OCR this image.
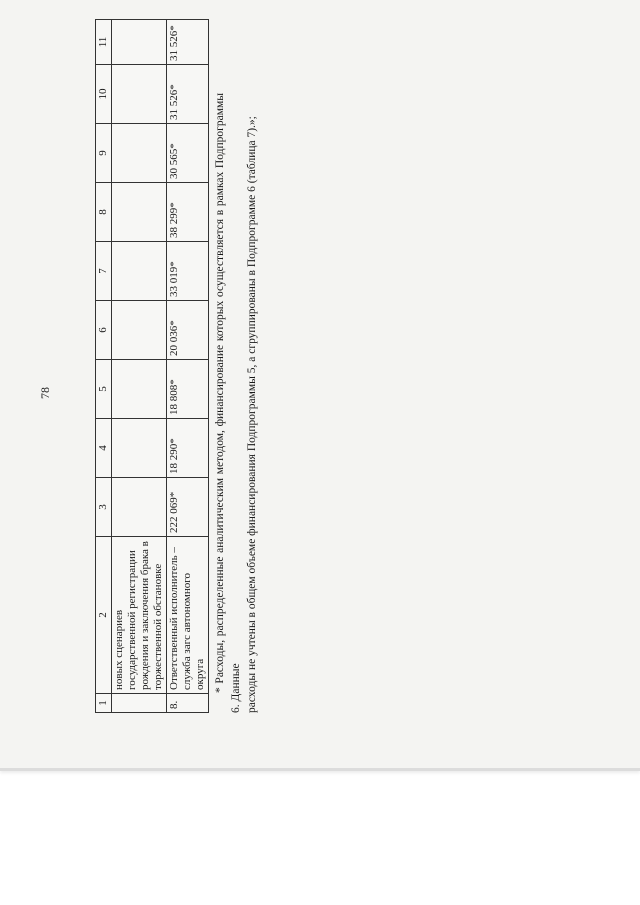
78
1	2	3	4	5	6	7	8	9	10	11
	новых сценариев государственной регистрации рождения и заключения брака в торжественной обстановке									
8.	Ответственный исполнитель – служба загс автономного округа	222 069*	18 290*	18 808*	20 036*	33 019*	38 299*	30 565*	31 526*	31 526*
* Расходы, распределенные аналитическим методом, финансирование которых осуществляется в рамках Подпрограммы 6. Данные расходы не учтены в общем объеме финансирования Подпрограммы 5, а сгруппированы в Подпрограмме 6 (таблица 7).»;
